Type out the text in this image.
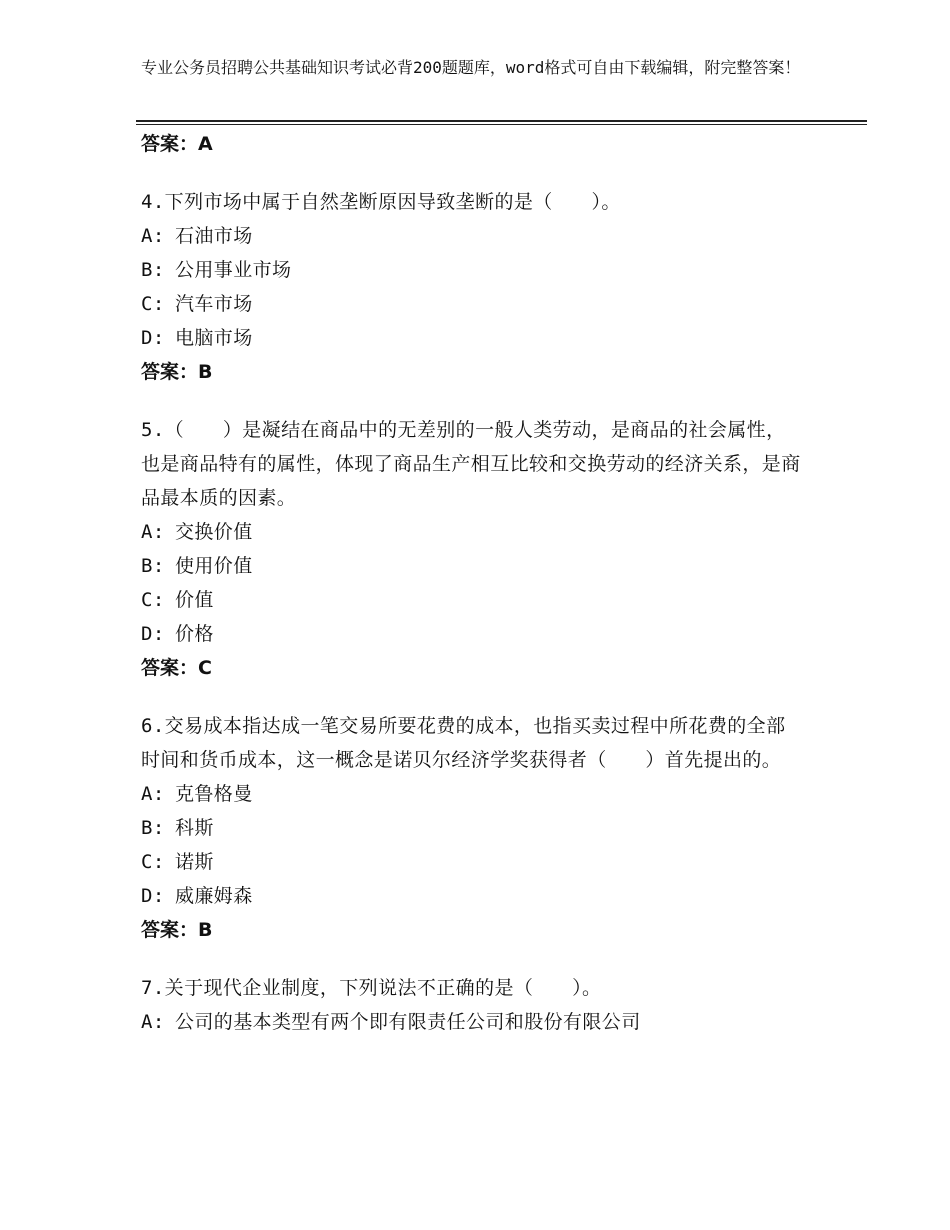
专业公务员招聘公共基础知识考试必背200题题库，word格式可自由下载编辑，附完整答案！
答案：A
4.下列市场中属于自然垄断原因导致垄断的是（　　）。
A: 石油市场
B: 公用事业市场
C: 汽车市场
D: 电脑市场
答案：B
5.（　　）是凝结在商品中的无差别的一般人类劳动，是商品的社会属性，也是商品特有的属性，体现了商品生产相互比较和交换劳动的经济关系，是商品最本质的因素。
A: 交换价值
B: 使用价值
C: 价值
D: 价格
答案：C
6.交易成本指达成一笔交易所要花费的成本，也指买卖过程中所花费的全部时间和货币成本，这一概念是诺贝尔经济学奖获得者（　　）首先提出的。
A: 克鲁格曼
B: 科斯
C: 诺斯
D: 威廉姆森
答案：B
7.关于现代企业制度，下列说法不正确的是（　　）。
A: 公司的基本类型有两个即有限责任公司和股份有限公司
